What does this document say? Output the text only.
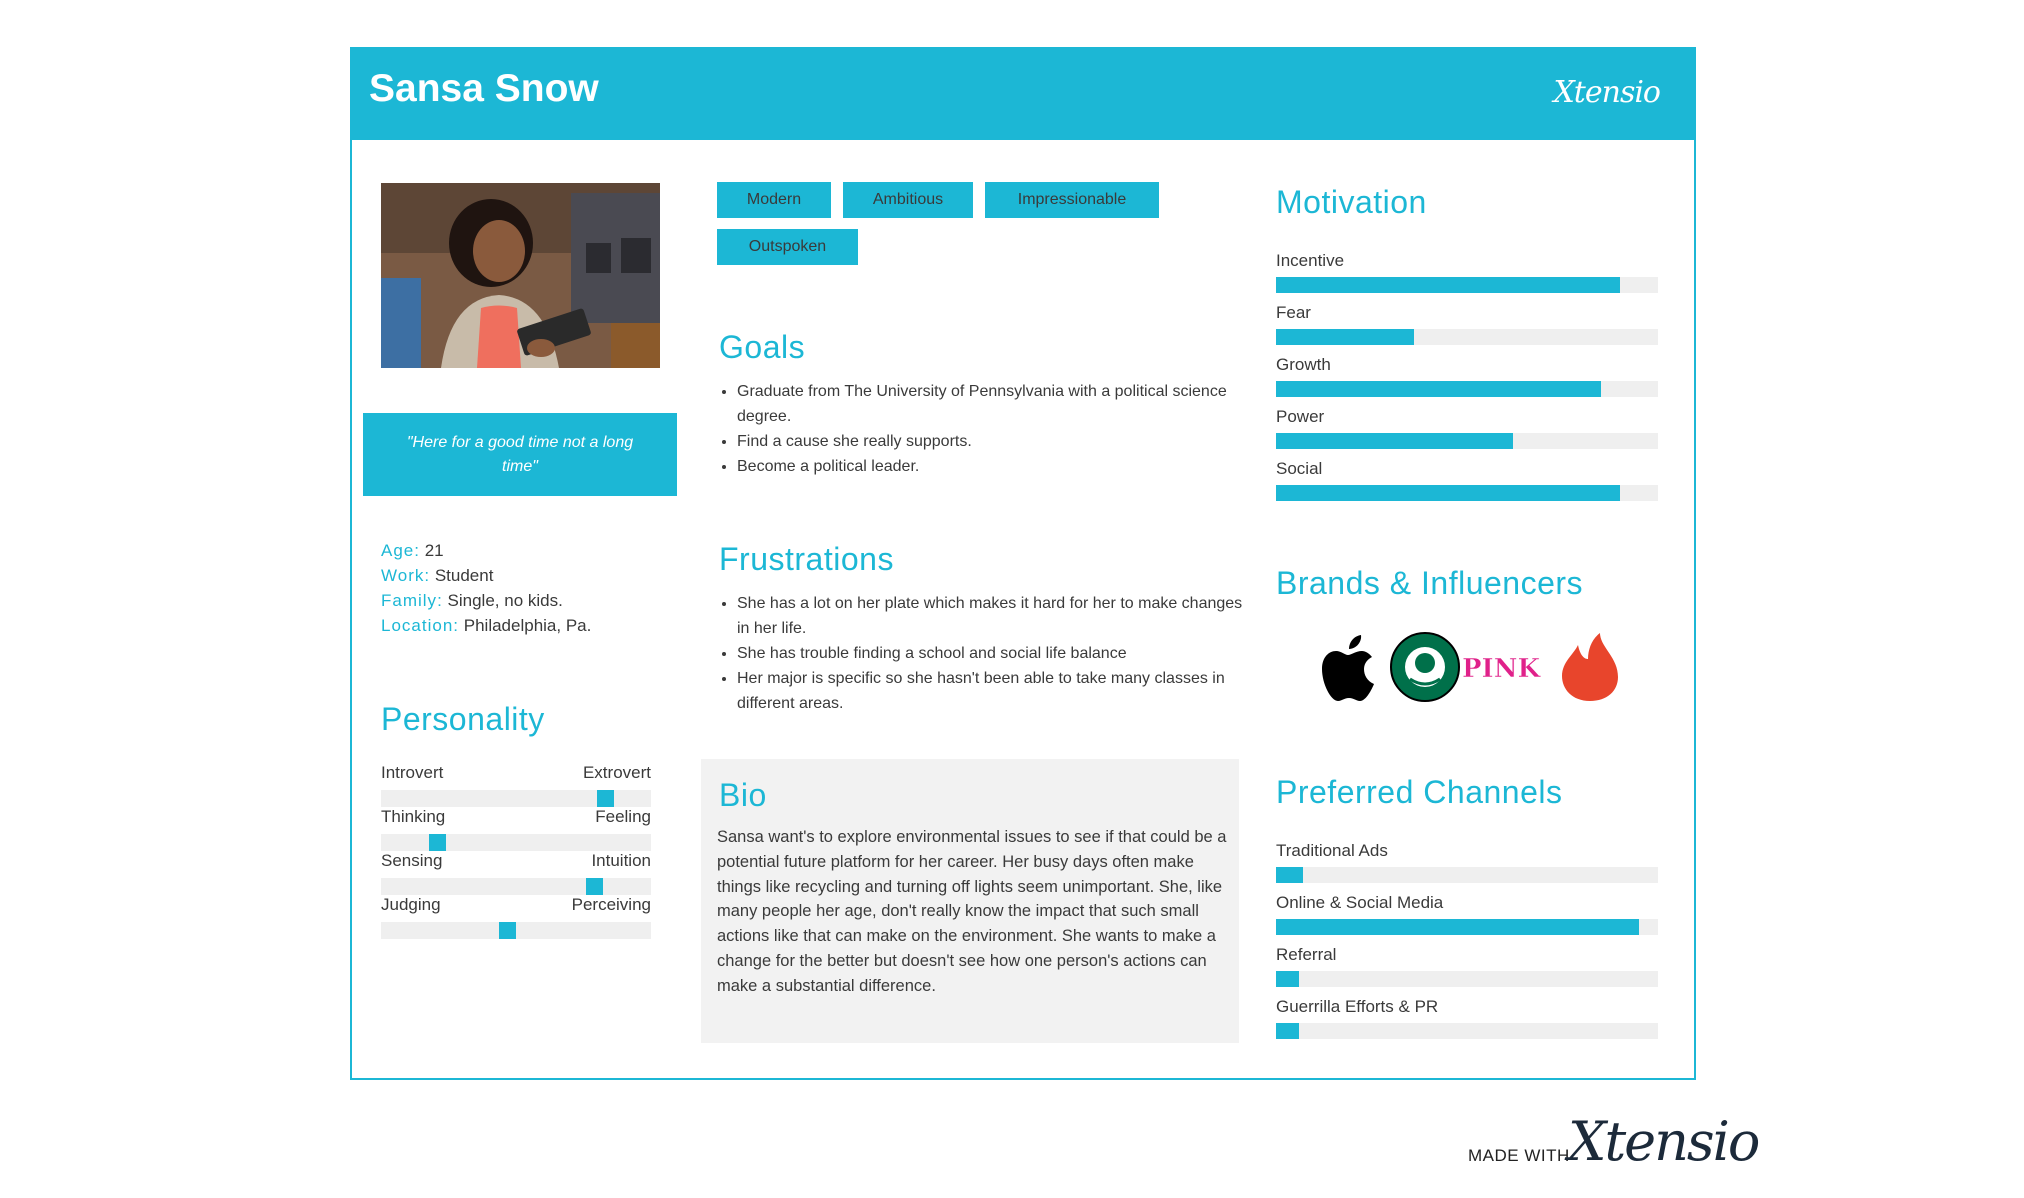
Sansa Snow	Xtensio
"Here for a good time not a long time"
Age: 21
Work: Student
Family: Single, no kids.
Location: Philadelphia, Pa.
Personality
Introvert	Extrovert
Thinking	Feeling
Sensing	Intuition
Judging	Perceiving
Modern	Ambitious	Impressionable
Outspoken
Goals
• Graduate from The University of Pennsylvania with a political science degree.
• Find a cause she really supports.
• Become a political leader.
Frustrations
• She has a lot on her plate which makes it hard for her to make changes in her life.
• She has trouble finding a school and social life balance
• Her major is specific so she hasn't been able to take many classes in different areas.
Bio
Sansa want's to explore environmental issues to see if that could be a potential future platform for her career. Her busy days often make things like recycling and turning off lights seem unimportant. She, like many people her age, don't really know the impact that such small actions like that can make on the environment. She wants to make a change for the better but doesn't see how one person's actions can make a substantial difference.
Motivation
Incentive
Fear
Growth
Power
Social
Brands & Influencers
PINK
Preferred Channels
Traditional Ads
Online & Social Media
Referral
Guerrilla Efforts & PR
MADE WITH
Xtensio
